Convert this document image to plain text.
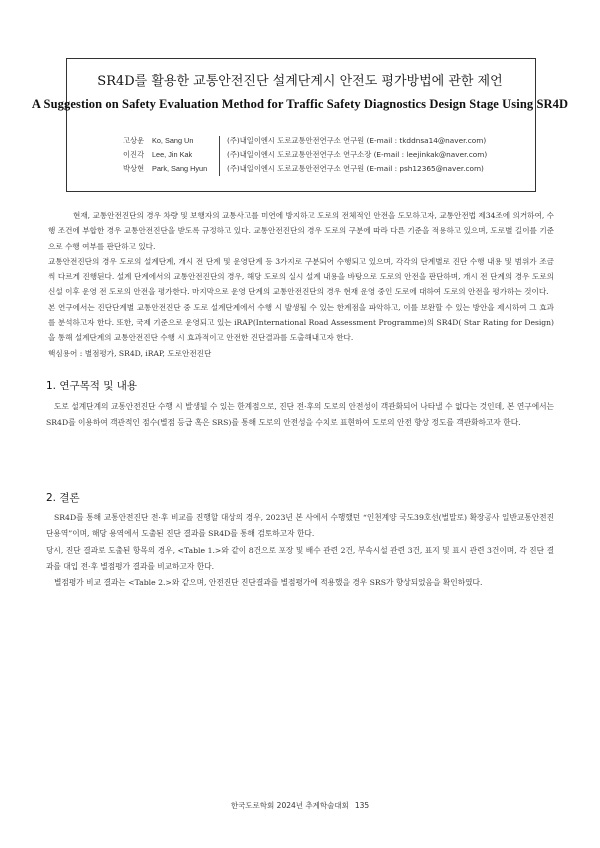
SR4D를 활용한 교통안전진단 설계단계시 안전도 평가방법에 관한 제언
A Suggestion on Safety Evaluation Method for Traffic Safety Diagnostics Design Stage Using SR4D
고상운 Ko, Sang Un	(주)내일이엔시 도로교통안전연구소 연구원 (E-mail : tkddnsa14@naver.com)
이진각 Lee, Jin Kak	(주)내일이엔시 도로교통안전연구소 연구소장 (E-mail : leejinkak@naver.com)
박상현 Park, Sang Hyun	(주)내일이엔시 도로교통안전연구소 연구원 (E-mail : psh12365@naver.com)

현재, 교통안전진단의 경우 차량 및 보행자의 교통사고를 미연에 방지하고 도로의 전체적인 안전을 도모하고자, 교통안전법 제34조에 의거하여, 수행 조건에 부합한 경우 교통안전진단을 받도록 규정하고 있다. 교통안전진단의 경우 도로의 구분에 따라 다른 기준을 적용하고 있으며, 도로별 길이를 기준으로 수행 여부를 판단하고 있다.

교통안전진단의 경우 도로의 설계단계, 개시 전 단계 및 운영단계 등 3가지로 구분되어 수행되고 있으며, 각각의 단계별로 진단 수행 내용 및 범위가 조금씩 다르게 진행된다. 설계 단계에서의 교통안전진단의 경우, 해당 도로의 실시 설계 내용을 바탕으로 도로의 안전을 판단하며, 개시 전 단계의 경우 도로의 신설 이후 운영 전 도로의 안전을 평가한다. 마지막으로 운영 단계의 교통안전진단의 경우 현재 운영 중인 도로에 대하여 도로의 안전을 평가하는 것이다.

본 연구에서는 진단단계별 교통안전진단 중 도로 설계단계에서 수행 시 발생될 수 있는 한계점을 파악하고, 이를 보완할 수 있는 방안을 제시하여 그 효과를 분석하고자 한다. 또한, 국제 기준으로 운영되고 있는 iRAP(International Road Assessment Programme)의 SR4D( Star Rating for Design)을 통해 설계단계의 교통안전진단 수행 시 효과적이고 안전한 진단결과를 도출해내고자 한다.

핵심용어 : 별점평가, SR4D, iRAP, 도로안전진단

1. 연구목적 및 내용

도로 설계단계의 교통안전진단 수행 시 발생될 수 있는 한계점으로, 진단 전·후의 도로의 안전성이 객관화되어 나타낼 수 없다는 것인데, 본 연구에서는 SR4D를 이용하여 객관적인 점수(별점 등급 혹은 SRS)를 통해 도로의 안전성을 수치로 표현하여 도로의 안전 향상 정도를 객관화하고자 한다.

2. 결론

SR4D를 통해 교통안전진단 전·후 비교를 진행할 대상의 경우, 2023년 본 사에서 수행했던 “인천계양 국도39호선(벌말로) 확장공사 일반교통안전진단용역”이며, 해당 용역에서 도출된 진단 결과를 SR4D를 통해 검토하고자 한다.

당시, 진단 결과로 도출된 항목의 경우, <Table 1.>와 같이 8건으로 포장 및 배수 관련 2건, 부속시설 관련 3건, 표지 및 표시 관련 3건이며, 각 진단 결과를 대입 전·후 별점평가 결과를 비교하고자 한다.

별점평가 비교 결과는 <Table 2.>와 같으며, 안전진단 진단결과를 별점평가에 적용했을 경우 SRS가 향상되었음을 확인하였다.

한국도로학회 2024년 추계학술대회 135
